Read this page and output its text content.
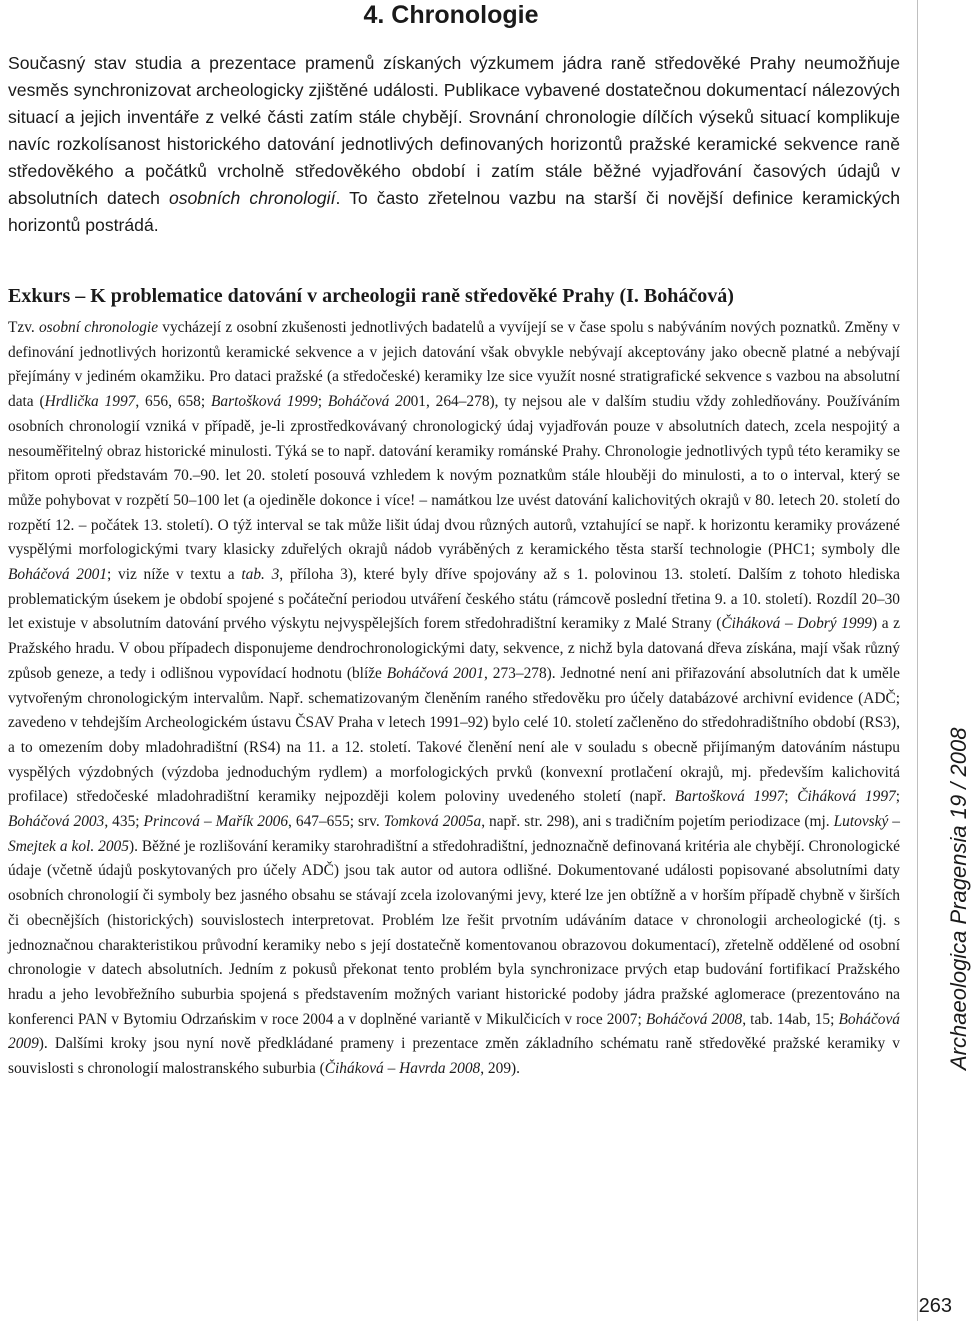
4. Chronologie

Současný stav studia a prezentace pramenů získaných výzkumem jádra raně středověké Prahy neumožňuje vesměs synchronizovat archeologicky zjištěné události. Publikace vybavené dostatečnou dokumentací nálezových situací a jejich inventáře z velké části zatím stále chybějí. Srovnání chronologie dílčích výseků situací komplikuje navíc rozkolísanost historického datování jednotlivých definovaných horizontů pražské keramické sekvence raně středověkého a počátků vrcholně středověkého období i zatím stále běžné vyjadřování časových údajů v absolutních datech osobních chronologií. To často zřetelnou vazbu na starší či novější definice keramických horizontů postrádá.

Exkurs – K problematice datování v archeologii raně středověké Prahy (I. Boháčová)

Tzv. osobní chronologie vycházejí z osobní zkušenosti jednotlivých badatelů a vyvíjejí se v čase spolu s nabýváním nových poznatků. Změny v definování jednotlivých horizontů keramické sekvence a v jejich datování však obvykle nebývají akceptovány jako obecně platné a nebývají přejímány v jediném okamžiku. Pro dataci pražské (a středočeské) keramiky lze sice využít nosné stratigrafické sekvence s vazbou na absolutní data (Hrdlička 1997, 656, 658; Bartošková 1999; Boháčová 2001, 264–278), ty nejsou ale v dalším studiu vždy zohledňovány. Používáním osobních chronologií vzniká v případě, je-li zprostředkovávaný chronologický údaj vyjadřován pouze v absolutních datech, zcela nespojitý a nesouměřitelný obraz historické minulosti. Týká se to např. datování keramiky románské Prahy. Chronologie jednotlivých typů této keramiky se přitom oproti představám 70.–90. let 20. století posouvá vzhledem k novým poznatkům stále hlouběji do minulosti, a to o interval, který se může pohybovat v rozpětí 50–100 let (a ojediněle dokonce i více! – namátkou lze uvést datování kalichovitých okrajů v 80. letech 20. století do rozpětí 12. – počátek 13. století). O týž interval se tak může lišit údaj dvou různých autorů, vztahující se např. k horizontu keramiky provázené vyspělými morfologickými tvary klasicky zduřelých okrajů nádob vyráběných z keramického těsta starší technologie (PHC1; symboly dle Boháčová 2001; viz níže v textu a tab. 3, příloha 3), které byly dříve spojovány až s 1. polovinou 13. století. Dalším z tohoto hlediska problematickým úsekem je období spojené s počáteční periodou utváření českého státu (rámcově poslední třetina 9. a 10. století). Rozdíl 20–30 let existuje v absolutním datování prvého výskytu nejvyspělejších forem středohradištní keramiky z Malé Strany (Čiháková – Dobrý 1999) a z Pražského hradu. V obou případech disponujeme dendrochronologickými daty, sekvence, z nichž byla datovaná dřeva získána, mají však různý způsob geneze, a tedy i odlišnou vypovídací hodnotu (blíže Boháčová 2001, 273–278). Jednotné není ani přiřazování absolutních dat k uměle vytvořeným chronologickým intervalům. Např. schematizovaným členěním raného středověku pro účely databázové archivní evidence (ADČ; zavedeno v tehdejším Archeologickém ústavu ČSAV Praha v letech 1991–92) bylo celé 10. století začleněno do středohradištního období (RS3), a to omezením doby mladohradištní (RS4) na 11. a 12. století. Takové členění není ale v souladu s obecně přijímaným datováním nástupu vyspělých výzdobných (výzdoba jednoduchým rydlem) a morfologických prvků (konvexní protlačení okrajů, mj. především kalichovitá profilace) středočeské mladohradištní keramiky nejpozději kolem poloviny uvedeného století (např. Bartošková 1997; Čiháková 1997; Boháčová 2003, 435; Princová – Mařík 2006, 647–655; srv. Tomková 2005a, např. str. 298), ani s tradičním pojetím periodizace (mj. Lutovský – Smejtek a kol. 2005). Běžné je rozlišování keramiky starohradištní a středohradištní, jednoznačně definovaná kritéria ale chybějí. Chronologické údaje (včetně údajů poskytovaných pro účely ADČ) jsou tak autor od autora odlišné. Dokumentované události popisované absolutními daty osobních chronologií či symboly bez jasného obsahu se stávají zcela izolovanými jevy, které lze jen obtížně a v horším případě chybně v širších či obecnějších (historických) souvislostech interpretovat. Problém lze řešit prvotním udáváním datace v chronologii archeologické (tj. s jednoznačnou charakteristikou průvodní keramiky nebo s její dostatečně komentovanou obrazovou dokumentací), zřetelně oddělené od osobní chronologie v datech absolutních. Jedním z pokusů překonat tento problém byla synchronizace prvých etap budování fortifikací Pražského hradu a jeho levobřežního suburbia spojená s představením možných variant historické podoby jádra pražské aglomerace (prezentováno na konferenci PAN v Bytomiu Odrzańskim v roce 2004 a v doplněné variantě v Mikulčicích v roce 2007; Boháčová 2008, tab. 14ab, 15; Boháčová 2009). Dalšími kroky jsou nyní nově předkládané prameny i prezentace změn základního schématu raně středověké pražské keramiky v souvislosti s chronologií malostranského suburbia (Čiháková – Havrda 2008, 209).	Archaeologica Pragensia 19 / 2008
263
